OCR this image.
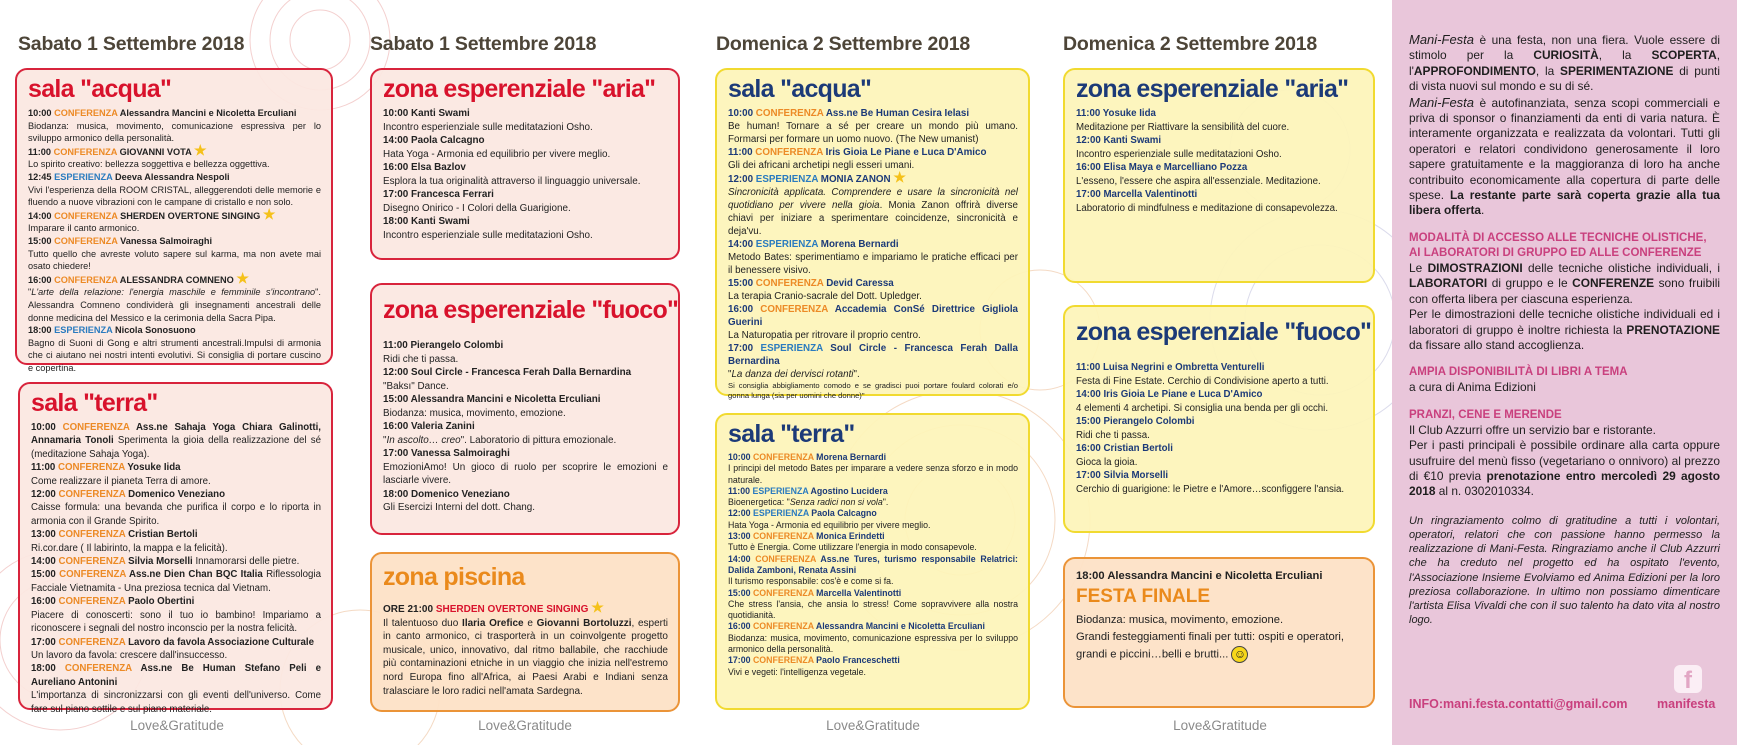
Sabato 1 Settembre 2018
Love&Gratitude
sala "acqua"
10:00 CONFERENZA Alessandra Mancini e Nicoletta Erculiani
Biodanza: musica, movimento, comunicazione espressiva per lo sviluppo armonico della personalità.
11:00 CONFERENZA GIOVANNI VOTA ★
Lo spirito creativo: bellezza soggettiva e bellezza oggettiva.
12:45 ESPERIENZA Deeva Alessandra Nespoli
Vivi l'esperienza della ROOM CRISTAL, alleggerendoti delle memorie e fluendo a nuove vibrazioni con le campane di cristallo e non solo.
14:00 CONFERENZA SHERDEN OVERTONE SINGING ★
Imparare il canto armonico.
15:00 CONFERENZA Vanessa Salmoiraghi
Tutto quello che avreste voluto sapere sul karma, ma non avete mai osato chiedere!
16:00 CONFERENZA ALESSANDRA COMNENO ★
"L'arte della relazione: l'energia maschile e femminile s'incontrano". Alessandra Comneno condividerà gli insegnamenti ancestrali delle donne medicina del Messico e la cerimonia della Sacra Pipa.
18:00 ESPERIENZA Nicola Sonosuono
Bagno di Suoni di Gong e altri strumenti ancestrali.Impulsi di armonia che ci aiutano nei nostri intenti evolutivi. Si consiglia di portare cuscino e copertina.
sala "terra"
10:00 CONFERENZA Ass.ne Sahaja Yoga Chiara Galinotti, Annamaria Tonoli Sperimenta la gioia della realizzazione del sé (meditazione Sahaja Yoga).
11:00 CONFERENZA Yosuke Iida
Come realizzare il pianeta Terra di amore.
12:00 CONFERENZA Domenico Veneziano
Caisse formula: una bevanda che purifica il corpo e lo riporta in armonia con il Grande Spirito.
13:00 CONFERENZA Cristian Bertoli
Ri.cor.dare ( Il labirinto, la mappa e la felicità).
14:00 CONFERENZA Silvia Morselli Innamorarsi delle pietre.
15:00 CONFERENZA Ass.ne Dien Chan BQC Italia Riflessologia Facciale Vietnamita - Una preziosa tecnica dal Vietnam.
16:00 CONFERENZA Paolo Obertini
Piacere di conoscerti: sono il tuo io bambino! Impariamo a riconoscere i segnali del nostro inconscio per la nostra felicità.
17:00 CONFERENZA Lavoro da favola Associazione Culturale
Un lavoro da favola: crescere dall'insuccesso.
18:00 CONFERENZA Ass.ne Be Human Stefano Peli e Aureliano Antonini
L'importanza di sincronizzarsi con gli eventi dell'universo. Come fare sul piano sottile e sul piano materiale.
Sabato 1 Settembre 2018
Love&Gratitude
zona esperenziale "aria"
10:00 Kanti Swami
Incontro esperienziale sulle meditatazioni Osho.
14:00 Paola Calcagno
Hata Yoga - Armonia ed equilibrio per vivere meglio.
16:00 Elsa Bazlov
Esplora la tua originalità attraverso il linguaggio universale.
17:00 Francesca Ferrari
Disegno Onirico - I Colori della Guarigione.
18:00 Kanti Swami
Incontro esperienziale sulle meditatazioni Osho.
zona esperenziale "fuoco"
11:00 Pierangelo Colombi
Ridi che ti passa.
12:00 Soul Circle - Francesca Ferah Dalla Bernardina
"Baksı" Dance.
15:00 Alessandra Mancini e Nicoletta Erculiani
Biodanza: musica, movimento, emozione.
16:00 Valeria Zanini
"In ascolto… creo". Laboratorio di pittura emozionale.
17:00 Vanessa Salmoiraghi
EmozioniAmo! Un gioco di ruolo per scoprire le emozioni e lasciarle vivere.
18:00 Domenico Veneziano
Gli Esercizi Interni del dott. Chang.
zona piscina
ORE 21:00 SHERDEN OVERTONE SINGING ★
Il talentuoso duo Ilaria Orefice e Giovanni Bortoluzzi, esperti in canto armonico, ci trasporterà in un coinvolgente progetto musicale, unico, innovativo, dal ritmo ballabile, che racchiude più contaminazioni etniche in un viaggio che inizia nell'estremo nord Europa fino all'Africa, ai Paesi Arabi e Indiani senza tralasciare le loro radici nell'amata Sardegna.
Domenica 2 Settembre 2018
Love&Gratitude
sala "acqua"
10:00 CONFERENZA Ass.ne Be Human Cesira Ielasi
Be human! Tornare a sé per creare un mondo più umano. Formarsi per formare un uomo nuovo. (The New umanist)
11:00 CONFERENZA Iris Gioia Le Piane e Luca D'Amico
Gli dei africani archetipi negli esseri umani.
12:00 ESPERIENZA MONIA ZANON ★
Sincronicità applicata. Comprendere e usare la sincronicità nel quotidiano per vivere nella gioia. Monia Zanon offrirà diverse chiavi per iniziare a sperimentare coincidenze, sincronicità e deja'vu.
14:00 ESPERIENZA Morena Bernardi
Metodo Bates: sperimentiamo e impariamo le pratiche efficaci per il benessere visivo.
15:00 CONFERENZA Devid Caressa
La terapia Cranio-sacrale del Dott. Upledger.
16:00 CONFERENZA Accademia ConSé Direttrice Gigliola Guerini
La Naturopatia per ritrovare il proprio centro.
17:00 ESPERIENZA Soul Circle - Francesca Ferah Dalla Bernardina
"La danza dei dervisci rotanti".
Si consiglia abbigliamento comodo e se gradisci puoi portare foulard colorati e/o gonna lunga (sia per uomini che donne)"
sala "terra"
10:00 CONFERENZA Morena Bernardi
I principi del metodo Bates per imparare a vedere senza sforzo e in modo naturale.
11:00 ESPERIENZA Agostino Lucidera
Bioenergetica: "Senza radici non si vola".
12:00 ESPERIENZA Paola Calcagno
Hata Yoga - Armonia ed equilibrio per vivere meglio.
13:00 CONFERENZA Monica Erindetti
Tutto è Energia. Come utilizzare l'energia in modo consapevole.
14:00 CONFERENZA Ass.ne Tures, turismo responsabile Relatrici: Dalida Zamboni, Renata Assini
Il turismo responsabile: cos'è e come si fa.
15:00 CONFERENZA Marcella Valentinotti
Che stress l'ansia, che ansia lo stress! Come sopravvivere alla nostra quotidianità.
16:00 CONFERENZA Alessandra Mancini e Nicoletta Erculiani
Biodanza: musica, movimento, comunicazione espressiva per lo sviluppo armonico della personalità.
17:00 CONFERENZA Paolo Franceschetti
Vivi e vegeti: l'intelligenza vegetale.
Domenica 2 Settembre 2018
Love&Gratitude
zona esperenziale "aria"
11:00 Yosuke Iida
Meditazione per Riattivare la sensibilità del cuore.
12:00 Kanti Swami
Incontro esperienziale sulle meditatazioni Osho.
16:00 Elisa Maya e Marcelliano Pozza
L'esseno, l'essere che aspira all'essenziale. Meditazione.
17:00 Marcella Valentinotti
Laboratorio di mindfulness e meditazione di consapevolezza.
zona esperenziale "fuoco"
11:00 Luisa Negrini e Ombretta Venturelli
Festa di Fine Estate. Cerchio di Condivisione aperto a tutti.
14:00 Iris Gioia Le Piane e Luca D'Amico
4 elementi 4 archetipi. Si consiglia una benda per gli occhi.
15:00 Pierangelo Colombi
Ridi che ti passa.
16:00 Cristian Bertoli
Gioca la gioia.
17:00 Silvia Morselli
Cerchio di guarigione: le Pietre e l'Amore…sconfiggere l'ansia.
18:00 Alessandra Mancini e Nicoletta Erculiani
FESTA FINALE
Biodanza: musica, movimento, emozione.
Grandi festeggiamenti finali per tutti: ospiti e operatori, grandi e piccini…belli e brutti... ☺

Mani-Festa è una festa, non una fiera. Vuole essere di stimolo per la CURIOSITÀ, la SCOPERTA, l'APPROFONDIMENTO, la SPERIMENTAZIONE di punti di vista nuovi sul mondo e su di sé.

Mani-Festa è autofinanziata, senza scopi commerciali e priva di sponsor o finanziamenti da enti di varia natura. È interamente organizzata e realizzata da volontari. Tutti gli operatori e relatori condividono generosamente il loro sapere gratuitamente e la maggioranza di loro ha anche contribuito economicamente alla copertura di parte delle spese. La restante parte sarà coperta grazie alla tua libera offerta.

MODALITÀ DI ACCESSO ALLE TECNICHE OLISTICHE, AI LABORATORI DI GRUPPO ED ALLE CONFERENZE

Le DIMOSTRAZIONI delle tecniche olistiche individuali, i LABORATORI di gruppo e le CONFERENZE sono fruibili con offerta libera per ciascuna esperienza.

Per le dimostrazioni delle tecniche olistiche individuali ed i laboratori di gruppo è inoltre richiesta la PRENOTAZIONE da fissare allo stand accoglienza.

AMPIA DISPONIBILITÀ DI LIBRI A TEMA

a cura di Anima Edizioni

PRANZI, CENE E MERENDE

Il Club Azzurri offre un servizio bar e ristorante.

Per i pasti principali è possibile ordinare alla carta oppure usufruire del menù fisso (vegetariano o onnivoro) al prezzo di €10 previa prenotazione entro mercoledì 29 agosto 2018 al n. 0302010334.

Un ringraziamento colmo di gratitudine a tutti i volontari, operatori, relatori che con passione hanno permesso la realizzazione di Mani-Festa. Ringraziamo anche il Club Azzurri che ha creduto nel progetto ed ha ospitato l'evento, l'Associazione Insieme Evolviamo ed Anima Edizioni per la loro preziosa collaborazione. In ultimo non possiamo dimenticare l'artista Elisa Vivaldi che con il suo talento ha dato vita al nostro logo.

f
manifesta
INFO:mani.festa.contatti@gmail.com
